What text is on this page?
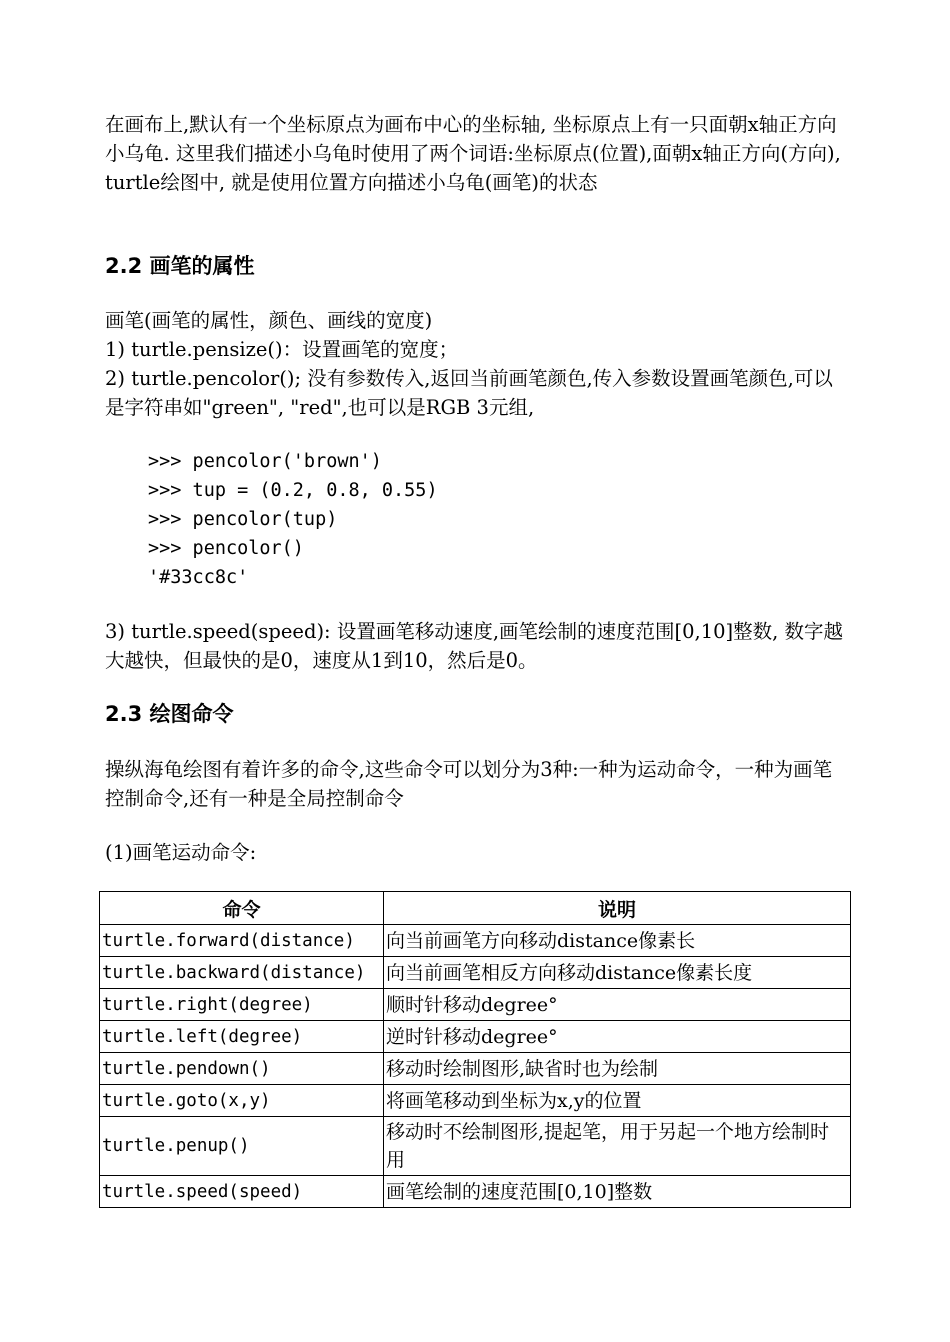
在画布上,默认有一个坐标原点为画布中心的坐标轴, 坐标原点上有一只面朝x轴正方向小乌龟. 这里我们描述小乌龟时使用了两个词语:坐标原点(位置),面朝x轴正方向(方向), turtle绘图中, 就是使用位置方向描述小乌龟(画笔)的状态

2.2 画笔的属性

画笔(画笔的属性，颜色、画线的宽度)

1) turtle.pensize()：设置画笔的宽度；

2) turtle.pencolor(); 没有参数传入,返回当前画笔颜色,传入参数设置画笔颜色,可以是字符串如"green", "red",也可以是RGB 3元组,

>>> pencolor('brown')
>>> tup = (0.2, 0.8, 0.55)
>>> pencolor(tup)
>>> pencolor()
'#33cc8c'

3) turtle.speed(speed): 设置画笔移动速度,画笔绘制的速度范围[0,10]整数, 数字越大越快，但最快的是0，速度从1到10，然后是0。

2.3 绘图命令

操纵海龟绘图有着许多的命令,这些命令可以划分为3种:一种为运动命令，一种为画笔控制命令,还有一种是全局控制命令

(1)画笔运动命令:

命令	说明
turtle.forward(distance)	向当前画笔方向移动distance像素长
turtle.backward(distance)	向当前画笔相反方向移动distance像素长度
turtle.right(degree)	顺时针移动degree°
turtle.left(degree)	逆时针移动degree°
turtle.pendown()	移动时绘制图形,缺省时也为绘制
turtle.goto(x,y)	将画笔移动到坐标为x,y的位置
turtle.penup()	移动时不绘制图形,提起笔，用于另起一个地方绘制时用
turtle.speed(speed)	画笔绘制的速度范围[0,10]整数
